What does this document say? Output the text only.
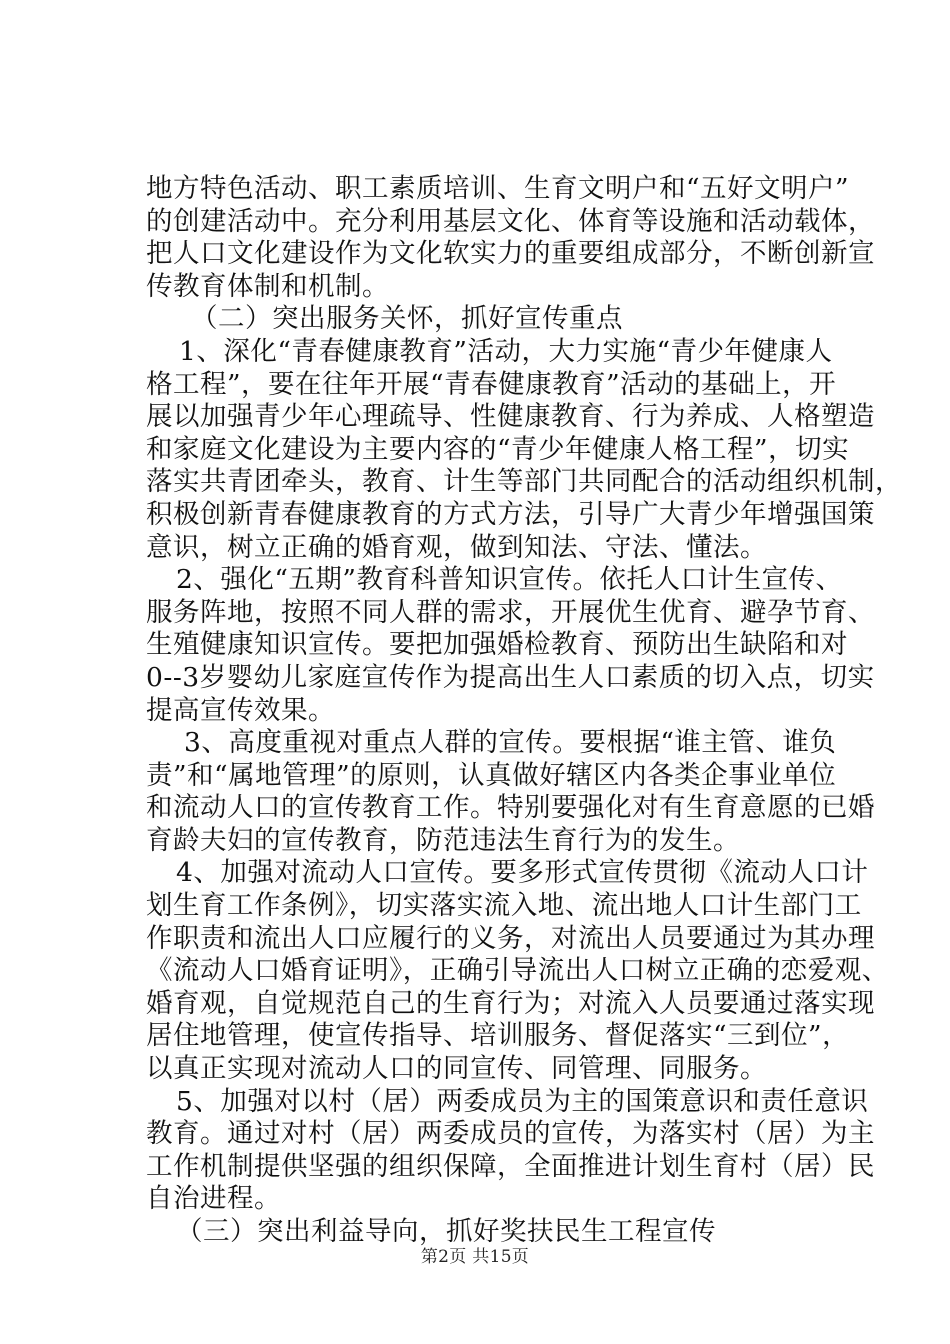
地方特色活动、职工素质培训、生育文明户和“五好文明户”
的创建活动中。充分利用基层文化、体育等设施和活动载体，
把人口文化建设作为文化软实力的重要组成部分，不断创新宣
传教育体制和机制。
（二）突出服务关怀，抓好宣传重点
1、深化“青春健康教育”活动，大力实施“青少年健康人
格工程”，要在往年开展“青春健康教育”活动的基础上，开
展以加强青少年心理疏导、性健康教育、行为养成、人格塑造
和家庭文化建设为主要内容的“青少年健康人格工程”，切实
落实共青团牵头，教育、计生等部门共同配合的活动组织机制，
积极创新青春健康教育的方式方法，引导广大青少年增强国策
意识，树立正确的婚育观，做到知法、守法、懂法。
2、强化“五期”教育科普知识宣传。依托人口计生宣传、
服务阵地，按照不同人群的需求，开展优生优育、避孕节育、
生殖健康知识宣传。要把加强婚检教育、预防出生缺陷和对
0--3岁婴幼儿家庭宣传作为提高出生人口素质的切入点，切实
提高宣传效果。
3、高度重视对重点人群的宣传。要根据“谁主管、谁负
责”和“属地管理”的原则，认真做好辖区内各类企事业单位
和流动人口的宣传教育工作。特别要强化对有生育意愿的已婚
育龄夫妇的宣传教育，防范违法生育行为的发生。
4、加强对流动人口宣传。要多形式宣传贯彻《流动人口计
划生育工作条例》，切实落实流入地、流出地人口计生部门工
作职责和流出人口应履行的义务，对流出人员要通过为其办理
《流动人口婚育证明》，正确引导流出人口树立正确的恋爱观、
婚育观，自觉规范自己的生育行为；对流入人员要通过落实现
居住地管理，使宣传指导、培训服务、督促落实“三到位”，
以真正实现对流动人口的同宣传、同管理、同服务。
5、加强对以村（居）两委成员为主的国策意识和责任意识
教育。通过对村（居）两委成员的宣传，为落实村（居）为主
工作机制提供坚强的组织保障，全面推进计划生育村（居）民
自治进程。
（三）突出利益导向，抓好奖扶民生工程宣传
第2页 共15页
